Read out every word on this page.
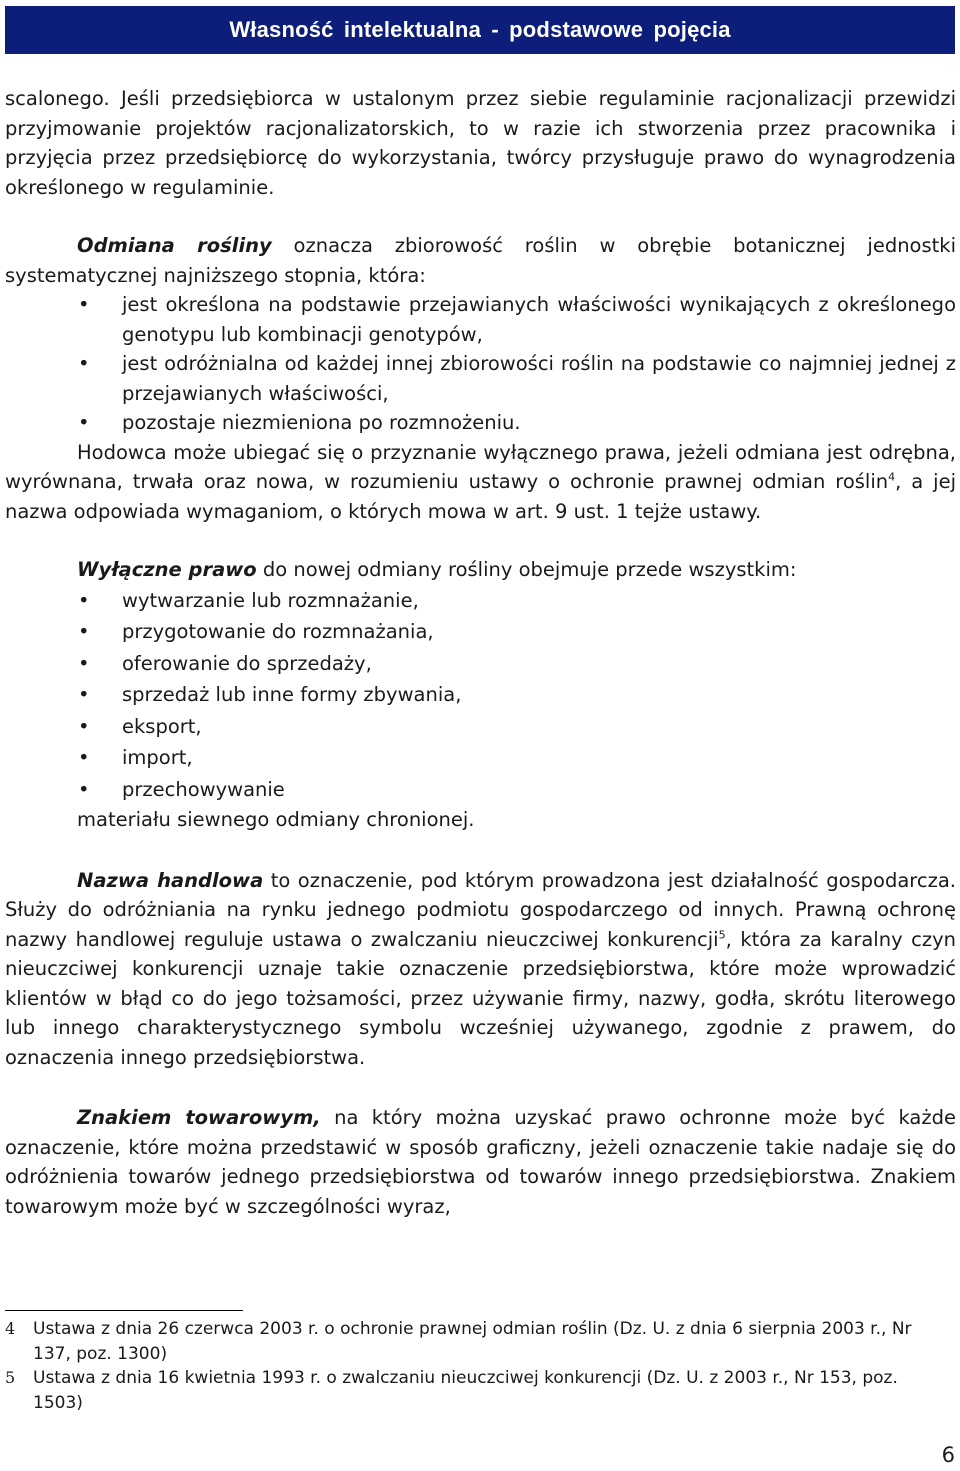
Własność intelektualna - podstawowe pojęcia

scalonego. Jeśli przedsiębiorca w ustalonym przez siebie regulaminie racjonalizacji przewidzi przyjmowanie projektów racjonalizatorskich, to w razie ich stworzenia przez pracownika i przyjęcia przez przedsiębiorcę do wykorzystania, twórcy przysługuje prawo do wynagrodzenia określonego w regulaminie.

Odmiana rośliny oznacza zbiorowość roślin w obrębie botanicznej jednostki systematycznej najniższego stopnia, która:

• jest określona na podstawie przejawianych właściwości wynikających z określonego genotypu lub kombinacji genotypów,
• jest odróżnialna od każdej innej zbiorowości roślin na podstawie co najmniej jednej z przejawianych właściwości,
• pozostaje niezmieniona po rozmnożeniu.

Hodowca może ubiegać się o przyznanie wyłącznego prawa, jeżeli odmiana jest odrębna, wyrównana, trwała oraz nowa, w rozumieniu ustawy o ochronie prawnej odmian roślin$^4$, a jej nazwa odpowiada wymaganiom, o których mowa w art. 9 ust. 1 tejże ustawy.

Wyłączne prawo do nowej odmiany rośliny obejmuje przede wszystkim:

• wytwarzanie lub rozmnażanie,
• przygotowanie do rozmnażania,
• oferowanie do sprzedaży,
• sprzedaż lub inne formy zbywania,
• eksport,
• import,
• przechowywanie

materiału siewnego odmiany chronionej.

Nazwa handlowa to oznaczenie, pod którym prowadzona jest działalność gospodarcza. Służy do odróżniania na rynku jednego podmiotu gospodarczego od innych. Prawną ochronę nazwy handlowej reguluje ustawa o zwalczaniu nieuczciwej konkurencji$^5$, która za karalny czyn nieuczciwej konkurencji uznaje takie oznaczenie przedsiębiorstwa, które może wprowadzić klientów w błąd co do jego tożsamości, przez używanie firmy, nazwy, godła, skrótu literowego lub innego charakterystycznego symbolu wcześniej używanego, zgodnie z prawem, do oznaczenia innego przedsiębiorstwa.

Znakiem towarowym, na który można uzyskać prawo ochronne może być każde oznaczenie, które można przedstawić w sposób graficzny, jeżeli oznaczenie takie nadaje się do odróżnienia towarów jednego przedsiębiorstwa od towarów innego przedsiębiorstwa. Znakiem towarowym może być w szczególności wyraz,

4 Ustawa z dnia 26 czerwca 2003 r. o ochronie prawnej odmian roślin (Dz. U. z dnia 6 sierpnia 2003 r., Nr 137, poz. 1300)
5 Ustawa z dnia 16 kwietnia 1993 r. o zwalczaniu nieuczciwej konkurencji (Dz. U. z 2003 r., Nr 153, poz. 1503)
6
